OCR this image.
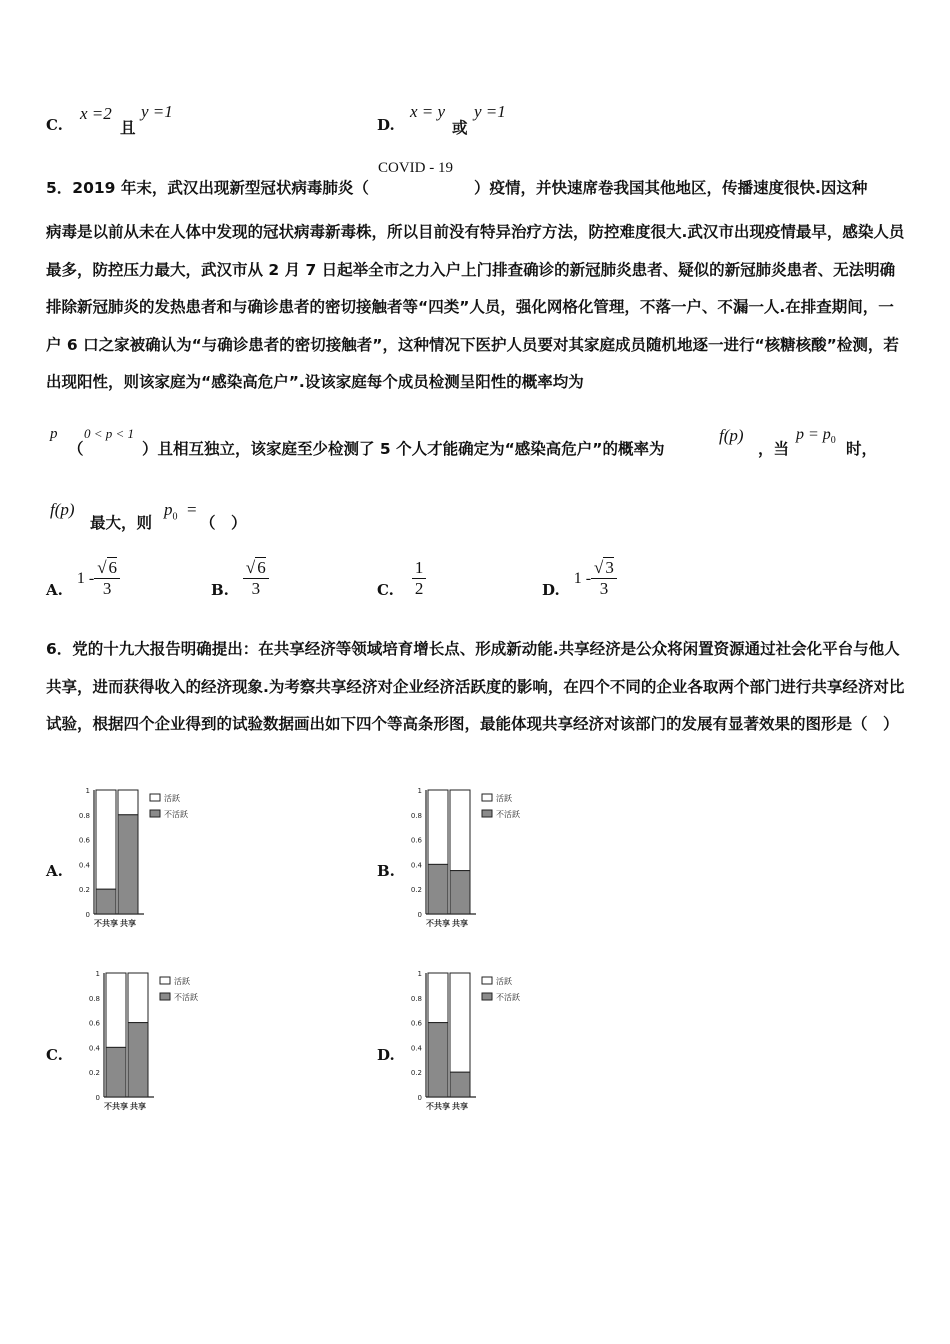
C.
x =2
且
y =1
D.
x = y
或
y =1
5．2019 年末，武汉出现新型冠状病毒肺炎（
COVID - 19
）疫情，并快速席卷我国其他地区，传播速度很快.因这种
病毒是以前从未在人体中发现的冠状病毒新毒株，所以目前没有特异治疗方法，防控难度很大.武汉市出现疫情最早，感染人员最多，防控压力最大，武汉市从 2 月 7 日起举全市之力入户上门排查确诊的新冠肺炎患者、疑似的新冠肺炎患者、无法明确排除新冠肺炎的发热患者和与确诊患者的密切接触者等“四类”人员，强化网格化管理，不落一户、不漏一人.在排查期间，一户 6 口之家被确认为“与确诊患者的密切接触者”，这种情况下医护人员要对其家庭成员随机地逐一进行“核糖核酸”检测，若出现阳性，则该家庭为“感染高危户”.设该家庭每个成员检测呈阳性的概率均为
p
（
0 < p < 1
）且相互独立，该家庭至少检测了 5 个人才能确定为“感染高危户”的概率为
f(p)
，当
$p = p_0$ 时，
f(p)
最大，则
$p_0$ =
（　）
A.
$1 - \frac{√ 6}{3}$	B. $\frac{√ 6}{3}$	C. $\frac{1}{2}$	D.
$1 - \frac{√ 3}{3}$
6．党的十九大报告明确提出：在共享经济等领域培育增长点、形成新动能.共享经济是公众将闲置资源通过社会化平台与他人共享，进而获得收入的经济现象.为考察共享经济对企业经济活跃度的影响，在四个不同的企业各取两个部门进行共享经济对比试验，根据四个企业得到的试验数据画出如下四个等高条形图，最能体现共享经济对该部门的发展有显著效果的图形是（　）
A.	B.
C.	D.
0
0.2
0.4
0.6
0.8
1
不共享 共享
活跃
不活跃
0
0.2
0.4
0.6
0.8
1
不共享 共享
活跃
不活跃
0
0.2
0.4
0.6
0.8
1
不共享 共享
活跃
不活跃
0
0.2
0.4
0.6
0.8
1
不共享 共享
活跃
不活跃
